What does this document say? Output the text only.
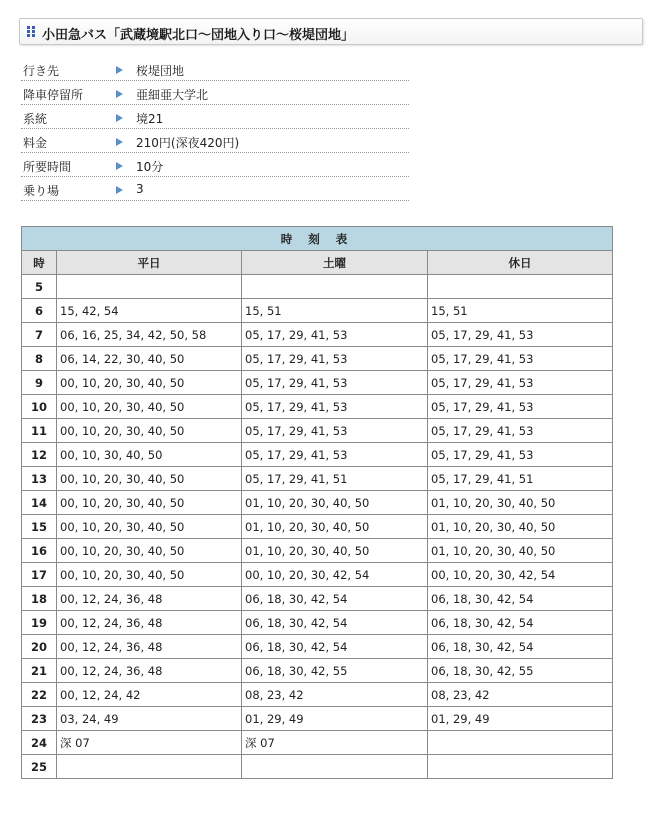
小田急バス「武蔵境駅北口〜団地入り口〜桜堤団地」
行き先	桜堤団地
降車停留所	亜細亜大学北
系統	境21
料金	210円(深夜420円)
所要時間	10分
乗り場	3
時 刻 表			
時	平日	土曜	休日
5			
6	15, 42, 54	15, 51	15, 51
7	06, 16, 25, 34, 42, 50, 58	05, 17, 29, 41, 53	05, 17, 29, 41, 53
8	06, 14, 22, 30, 40, 50	05, 17, 29, 41, 53	05, 17, 29, 41, 53
9	00, 10, 20, 30, 40, 50	05, 17, 29, 41, 53	05, 17, 29, 41, 53
10	00, 10, 20, 30, 40, 50	05, 17, 29, 41, 53	05, 17, 29, 41, 53
11	00, 10, 20, 30, 40, 50	05, 17, 29, 41, 53	05, 17, 29, 41, 53
12	00, 10, 30, 40, 50	05, 17, 29, 41, 53	05, 17, 29, 41, 53
13	00, 10, 20, 30, 40, 50	05, 17, 29, 41, 51	05, 17, 29, 41, 51
14	00, 10, 20, 30, 40, 50	01, 10, 20, 30, 40, 50	01, 10, 20, 30, 40, 50
15	00, 10, 20, 30, 40, 50	01, 10, 20, 30, 40, 50	01, 10, 20, 30, 40, 50
16	00, 10, 20, 30, 40, 50	01, 10, 20, 30, 40, 50	01, 10, 20, 30, 40, 50
17	00, 10, 20, 30, 40, 50	00, 10, 20, 30, 42, 54	00, 10, 20, 30, 42, 54
18	00, 12, 24, 36, 48	06, 18, 30, 42, 54	06, 18, 30, 42, 54
19	00, 12, 24, 36, 48	06, 18, 30, 42, 54	06, 18, 30, 42, 54
20	00, 12, 24, 36, 48	06, 18, 30, 42, 54	06, 18, 30, 42, 54
21	00, 12, 24, 36, 48	06, 18, 30, 42, 55	06, 18, 30, 42, 55
22	00, 12, 24, 42	08, 23, 42	08, 23, 42
23	03, 24, 49	01, 29, 49	01, 29, 49
24	深 07	深 07	
25			
